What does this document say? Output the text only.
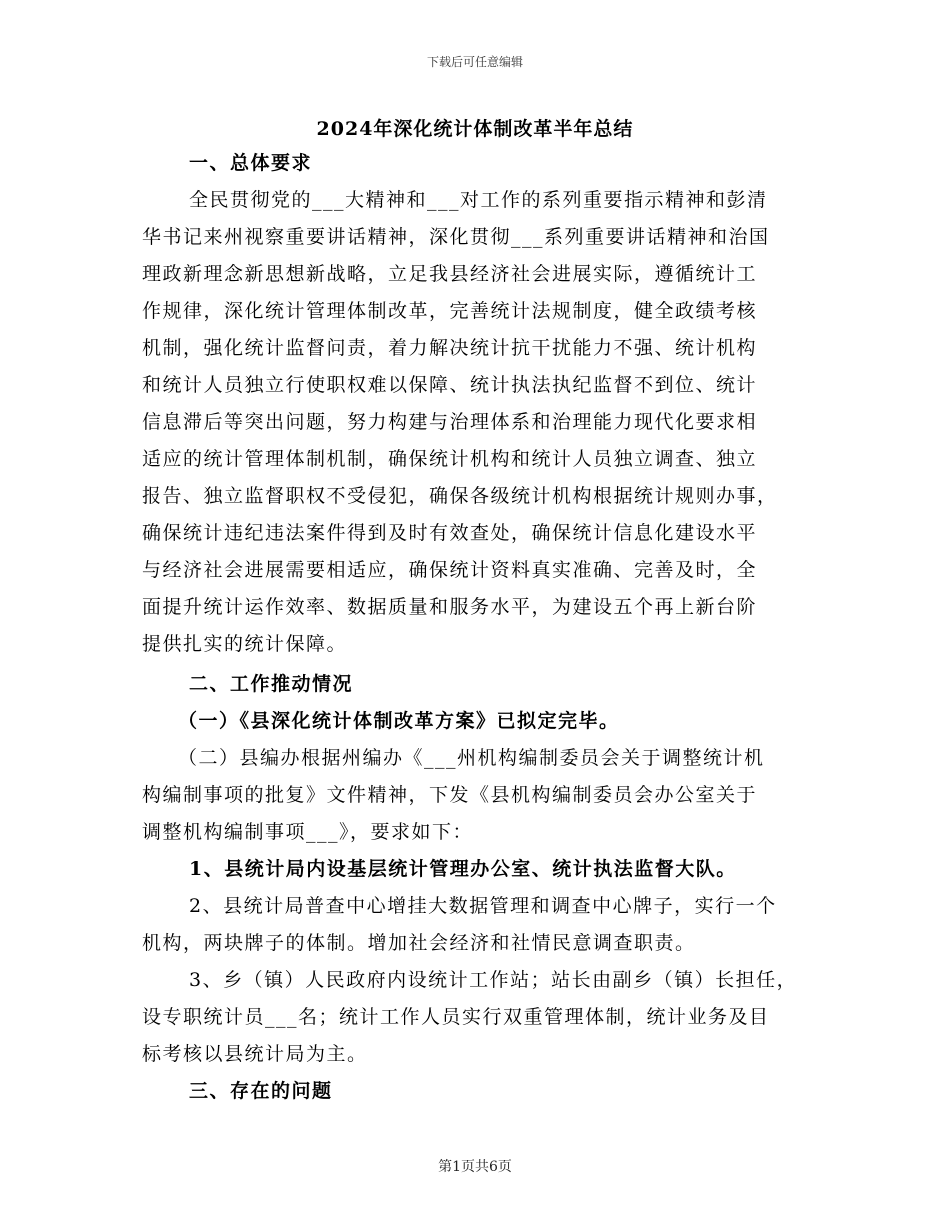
下载后可任意编辑
2024年深化统计体制改革半年总结
一、总体要求
全民贯彻党的___大精神和___对工作的系列重要指示精神和彭清
华书记来州视察重要讲话精神，深化贯彻___系列重要讲话精神和治国
理政新理念新思想新战略，立足我县经济社会进展实际，遵循统计工
作规律，深化统计管理体制改革，完善统计法规制度，健全政绩考核
机制，强化统计监督问责，着力解决统计抗干扰能力不强、统计机构
和统计人员独立行使职权难以保障、统计执法执纪监督不到位、统计
信息滞后等突出问题，努力构建与治理体系和治理能力现代化要求相
适应的统计管理体制机制，确保统计机构和统计人员独立调查、独立
报告、独立监督职权不受侵犯，确保各级统计机构根据统计规则办事，
确保统计违纪违法案件得到及时有效查处，确保统计信息化建设水平
与经济社会进展需要相适应，确保统计资料真实准确、完善及时，全
面提升统计运作效率、数据质量和服务水平，为建设五个再上新台阶
提供扎实的统计保障。
二、工作推动情况
（一）《县深化统计体制改革方案》已拟定完毕。
（二）县编办根据州编办《___州机构编制委员会关于调整统计机
构编制事项的批复》文件精神，下发《县机构编制委员会办公室关于
调整机构编制事项___》，要求如下：
1、县统计局内设基层统计管理办公室、统计执法监督大队。
2、县统计局普查中心增挂大数据管理和调查中心牌子，实行一个
机构，两块牌子的体制。增加社会经济和社情民意调查职责。
3、乡（镇）人民政府内设统计工作站；站长由副乡（镇）长担任，
设专职统计员___名；统计工作人员实行双重管理体制，统计业务及目
标考核以县统计局为主。
三、存在的问题
第1页共6页
